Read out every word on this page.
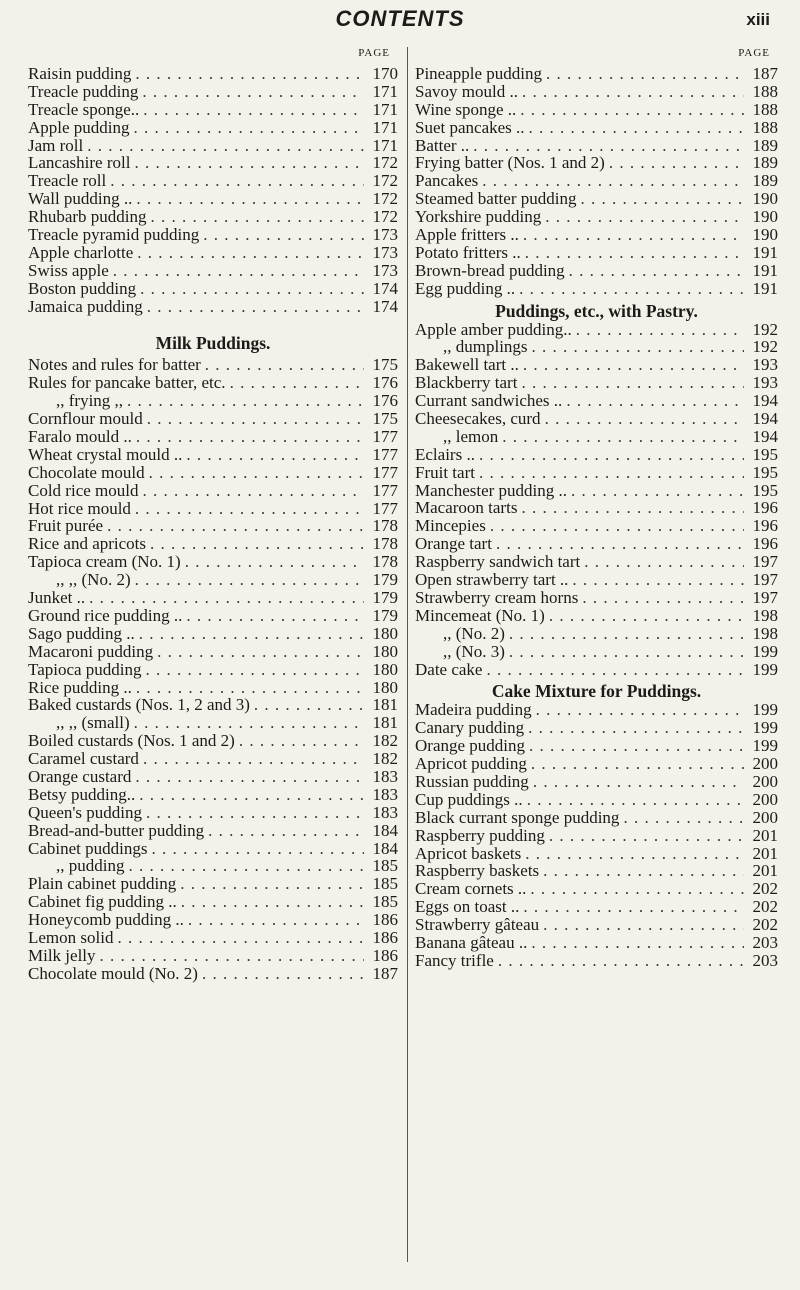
CONTENTS	xiii
PAGE
Raisin pudding . . .	170
Treacle pudding . . .	171
Treacle sponge.. . . .	171
Apple pudding . . .	171
Jam roll . . .	171
Lancashire roll . . .	172
Treacle roll . . .	172
Wall pudding .. . . .	172
Rhubarb pudding . . .	172
Treacle pyramid pudding . . .	173
Apple charlotte . . .	173
Swiss apple . . .	173
Boston pudding . . .	174
Jamaica pudding . . .	174
Milk Puddings.
Notes and rules for batter . . .	175
Rules for pancake batter, etc. . . .	176
,, frying ,, . . .	176
Cornflour mould . . .	175
Faralo mould .. . . .	177
Wheat crystal mould .. . . .	177
Chocolate mould . . .	177
Cold rice mould . . .	177
Hot rice mould . . .	177
Fruit purée . . .	178
Rice and apricots . . .	178
Tapioca cream (No. 1) . . .	178
,, ,, (No. 2) . . .	179
Junket .. . . .	179
Ground rice pudding .. . . .	179
Sago pudding .. . . .	180
Macaroni pudding . . .	180
Tapioca pudding . . .	180
Rice pudding .. . . .	180
Baked custards (Nos. 1, 2 and 3) . . .	181
,, ,, (small) . . .	181
Boiled custards (Nos. 1 and 2) . . .	182
Caramel custard . . .	182
Orange custard . . .	183
Betsy pudding.. . . .	183
Queen's pudding . . .	183
Bread-and-butter pudding . . .	184
Cabinet puddings . . .	184
,, pudding . . .	185
Plain cabinet pudding . . .	185
Cabinet fig pudding .. . . .	185
Honeycomb pudding .. . . .	186
Lemon solid . . .	186
Milk jelly . . .	186
Chocolate mould (No. 2) . . .	187
PAGE
Pineapple pudding . . .	187
Savoy mould .. . . .	188
Wine sponge .. . . .	188
Suet pancakes .. . . .	188
Batter .. . . .	189
Frying batter (Nos. 1 and 2) . . .	189
Pancakes . . .	189
Steamed batter pudding . . .	190
Yorkshire pudding . . .	190
Apple fritters .. . . .	190
Potato fritters .. . . .	191
Brown-bread pudding . . .	191
Egg pudding .. . . .	191
Puddings, etc., with Pastry.
Apple amber pudding.. . . .	192
,, dumplings . . .	192
Bakewell tart .. . . .	193
Blackberry tart . . .	193
Currant sandwiches .. . . .	194
Cheesecakes, curd . . .	194
,, lemon . . .	194
Eclairs .. . . .	195
Fruit tart . . .	195
Manchester pudding .. . . .	195
Macaroon tarts . . .	196
Mincepies . . .	196
Orange tart . . .	196
Raspberry sandwich tart . . .	197
Open strawberry tart .. . . .	197
Strawberry cream horns . . .	197
Mincemeat (No. 1) . . .	198
,, (No. 2) . . .	198
,, (No. 3) . . .	199
Date cake . . .	199
Cake Mixture for Puddings.
Madeira pudding . . .	199
Canary pudding . . .	199
Orange pudding . . .	199
Apricot pudding . . .	200
Russian pudding . . .	200
Cup puddings .. . . .	200
Black currant sponge pudding . . .	200
Raspberry pudding . . .	201
Apricot baskets . . .	201
Raspberry baskets . . .	201
Cream cornets .. . . .	202
Eggs on toast .. . . .	202
Strawberry gâteau . . .	202
Banana gâteau .. . . .	203
Fancy trifle . . .	203
